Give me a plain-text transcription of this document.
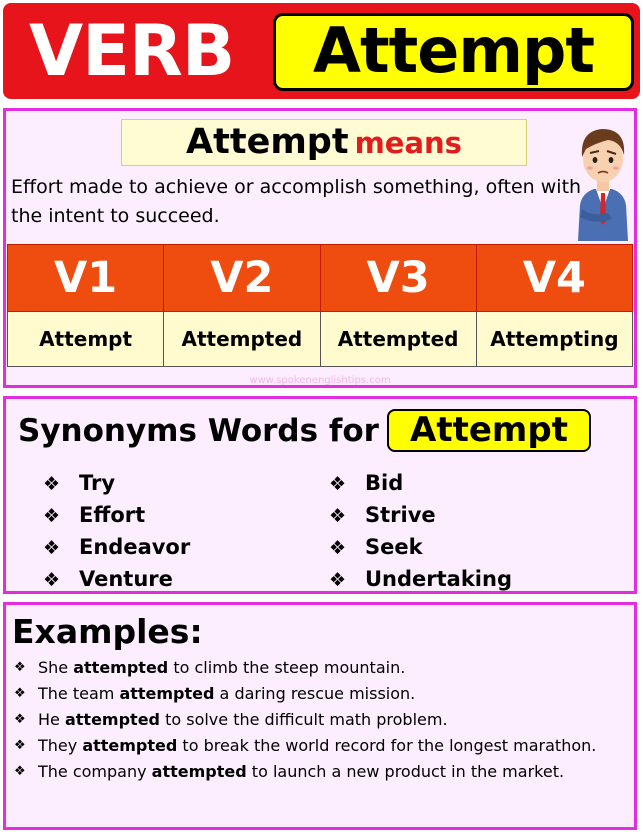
VERB	Attempt
Attempt means
Effort made to achieve or accomplish something, often with the intent to succeed.
V1	V2	V3	V4
Attempt	Attempted	Attempted	Attempting
www.spokenenglishtips.com
Synonyms Words for Attempt
❖ Try
❖ Effort
❖ Endeavor
❖ Venture
❖ Bid
❖ Strive
❖ Seek
❖ Undertaking
Examples:
❖ She attempted to climb the steep mountain.
❖ The team attempted a daring rescue mission.
❖ He attempted to solve the difficult math problem.
❖ They attempted to break the world record for the longest marathon.
❖ The company attempted to launch a new product in the market.
